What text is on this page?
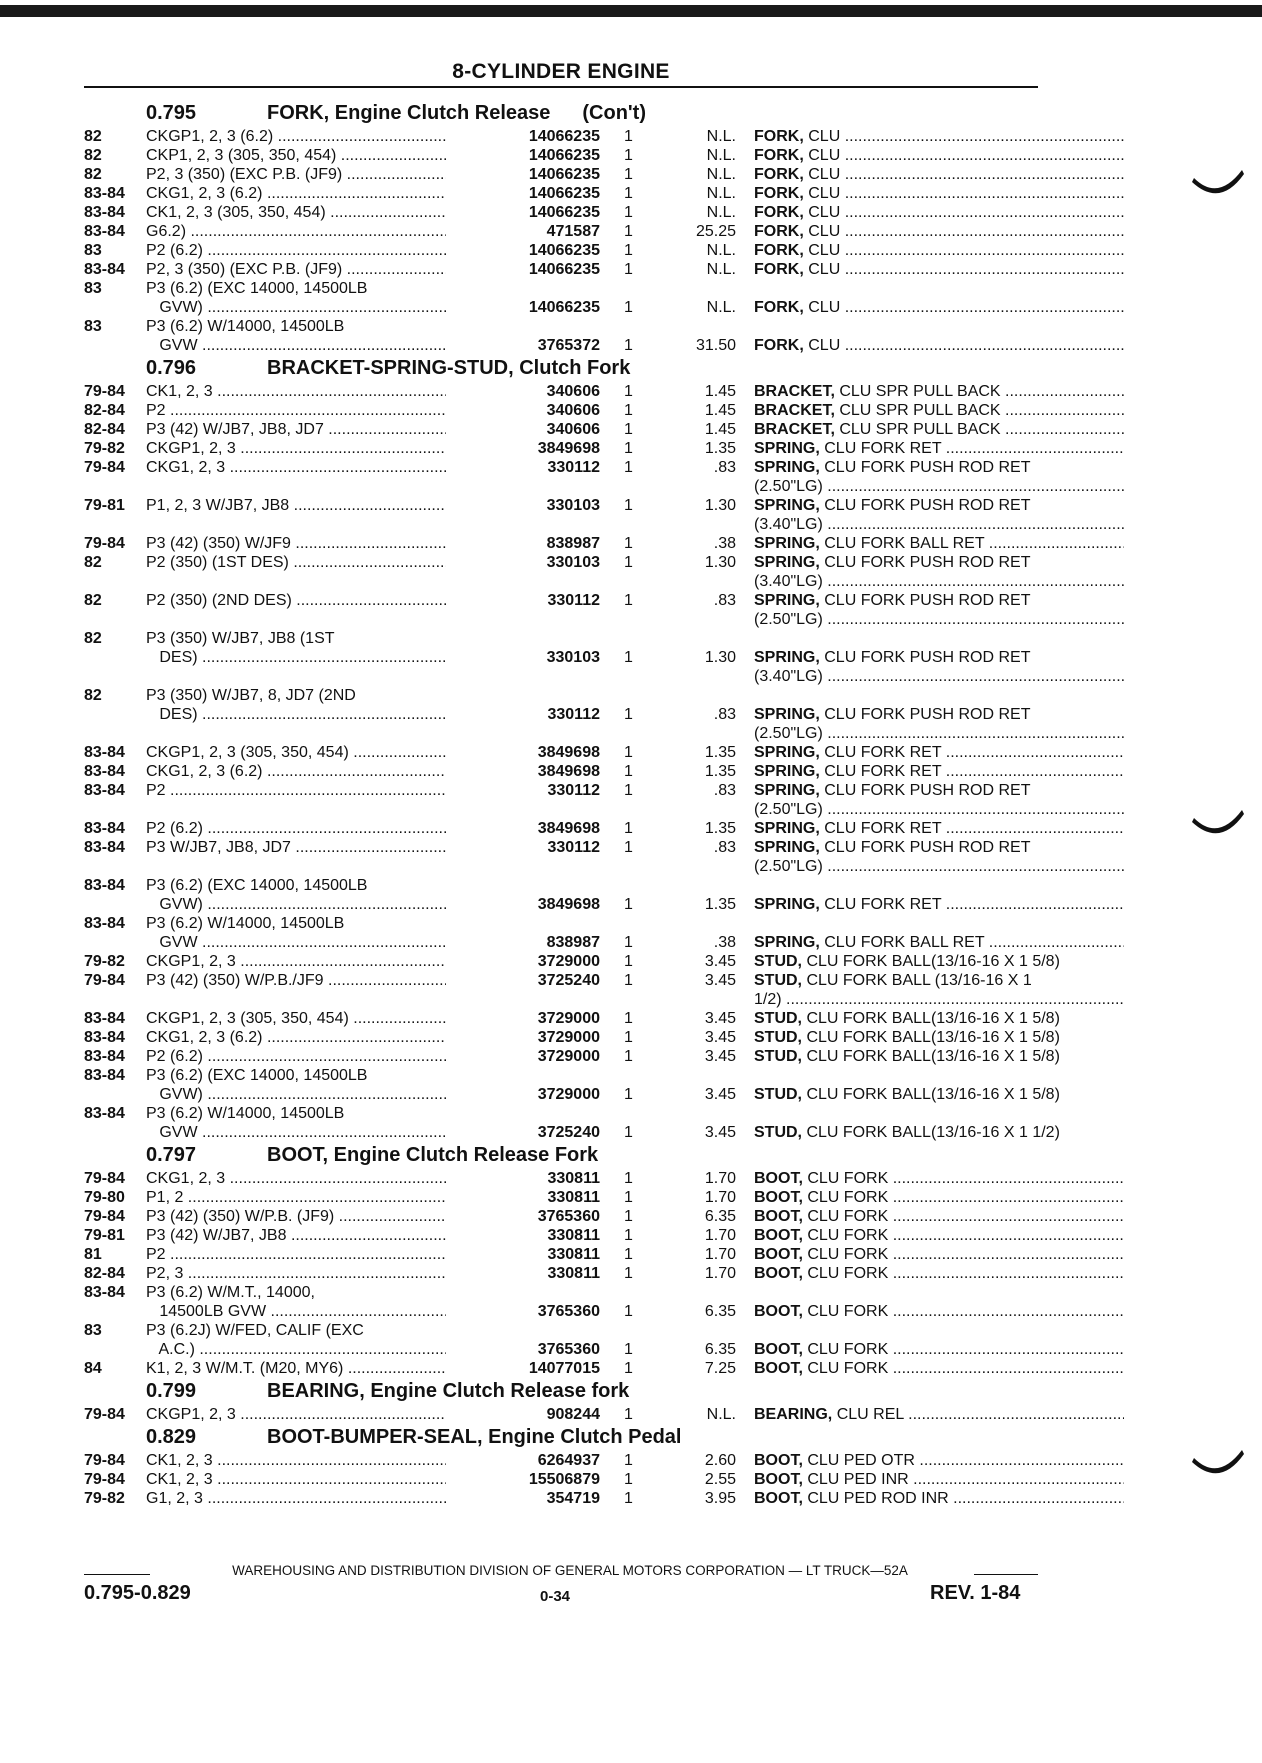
8-CYLINDER ENGINE
0.795	FORK, Engine Clutch Release (Con't)
82	CKGP1, 2, 3 (6.2) .....	14066235 1	N.L. FORK, CLU .....
82	CKP1, 2, 3 (305, 350, 454) .....	14066235 1	N.L. FORK, CLU .....
82	P2, 3 (350) (EXC P.B. (JF9) .....	14066235 1	N.L. FORK, CLU .....
83-84	CKG1, 2, 3 (6.2) .....	14066235 1	N.L. FORK, CLU .....
83-84	CK1, 2, 3 (305, 350, 454) .....	14066235 1	N.L. FORK, CLU .....
83-84	G6.2) .....	471587 1	25.25 FORK, CLU .....
83	P2 (6.2) .....	14066235 1	N.L. FORK, CLU .....
83-84	P2, 3 (350) (EXC P.B. (JF9) .....	14066235 1	N.L. FORK, CLU .....
83	P3 (6.2) (EXC 14000, 14500LB
GVW) .....	14066235 1	N.L. FORK, CLU .....
83	P3 (6.2) W/14000, 14500LB
GVW .....	3765372 1	31.50 FORK, CLU .....
0.796	BRACKET-SPRING-STUD, Clutch Fork
79-84	CK1, 2, 3 .....	340606 1	1.45 BRACKET, CLU SPR PULL BACK .....
82-84	P2 .....	340606 1	1.45 BRACKET, CLU SPR PULL BACK .....
82-84	P3 (42) W/JB7, JB8, JD7 .....	340606 1	1.45 BRACKET, CLU SPR PULL BACK .....
79-82	CKGP1, 2, 3 .....	3849698 1	1.35 SPRING, CLU FORK RET .....
79-84	CKG1, 2, 3 .....	330112 1	.83 SPRING, CLU FORK PUSH ROD RET
(2.50"LG) .....
79-81	P1, 2, 3 W/JB7, JB8 .....	330103 1	1.30 SPRING, CLU FORK PUSH ROD RET
(3.40"LG) .....
79-84	P3 (42) (350) W/JF9 .....	838987 1	.38 SPRING, CLU FORK BALL RET .....
82	P2 (350) (1ST DES) .....	330103 1	1.30 SPRING, CLU FORK PUSH ROD RET
(3.40"LG) .....
82	P2 (350) (2ND DES) .....	330112 1	.83 SPRING, CLU FORK PUSH ROD RET
(2.50"LG) .....
82	P3 (350) W/JB7, JB8 (1ST
DES) .....	330103 1	1.30 SPRING, CLU FORK PUSH ROD RET
(3.40"LG) .....
82	P3 (350) W/JB7, 8, JD7 (2ND
DES) .....	330112 1	.83 SPRING, CLU FORK PUSH ROD RET
(2.50"LG) .....
83-84	CKGP1, 2, 3 (305, 350, 454) .....	3849698 1	1.35 SPRING, CLU FORK RET .....
83-84	CKG1, 2, 3 (6.2) .....	3849698 1	1.35 SPRING, CLU FORK RET .....
83-84	P2 .....	330112 1	.83 SPRING, CLU FORK PUSH ROD RET
(2.50"LG) .....
83-84	P2 (6.2) .....	3849698 1	1.35 SPRING, CLU FORK RET .....
83-84	P3 W/JB7, JB8, JD7 .....	330112 1	.83 SPRING, CLU FORK PUSH ROD RET
(2.50"LG) .....
83-84	P3 (6.2) (EXC 14000, 14500LB
GVW) .....	3849698 1	1.35 SPRING, CLU FORK RET .....
83-84	P3 (6.2) W/14000, 14500LB
GVW .....	838987 1	.38 SPRING, CLU FORK BALL RET .....
79-82	CKGP1, 2, 3 .....	3729000 1	3.45 STUD, CLU FORK BALL(13/16-16 X 1 5/8)
79-84	P3 (42) (350) W/P.B./JF9 .....	3725240 1	3.45 STUD, CLU FORK BALL (13/16-16 X 1
1/2) .....
83-84	CKGP1, 2, 3 (305, 350, 454) .....	3729000 1	3.45 STUD, CLU FORK BALL(13/16-16 X 1 5/8)
83-84	CKG1, 2, 3 (6.2) .....	3729000 1	3.45 STUD, CLU FORK BALL(13/16-16 X 1 5/8)
83-84	P2 (6.2) .....	3729000 1	3.45 STUD, CLU FORK BALL(13/16-16 X 1 5/8)
83-84	P3 (6.2) (EXC 14000, 14500LB
GVW) .....	3729000 1	3.45 STUD, CLU FORK BALL(13/16-16 X 1 5/8)
83-84	P3 (6.2) W/14000, 14500LB
GVW .....	3725240 1	3.45 STUD, CLU FORK BALL(13/16-16 X 1 1/2)
0.797	BOOT, Engine Clutch Release Fork
79-84	CKG1, 2, 3 .....	330811 1	1.70 BOOT, CLU FORK .....
79-80	P1, 2 .....	330811 1	1.70 BOOT, CLU FORK .....
79-84	P3 (42) (350) W/P.B. (JF9) .....	3765360 1	6.35 BOOT, CLU FORK .....
79-81	P3 (42) W/JB7, JB8 .....	330811 1	1.70 BOOT, CLU FORK .....
81	P2 .....	330811 1	1.70 BOOT, CLU FORK .....
82-84	P2, 3 .....	330811 1	1.70 BOOT, CLU FORK .....
83-84	P3 (6.2) W/M.T., 14000,
14500LB GVW .....	3765360 1	6.35 BOOT, CLU FORK .....
83	P3 (6.2J) W/FED, CALIF (EXC
A.C.) .....	3765360 1	6.35 BOOT, CLU FORK .....
84	K1, 2, 3 W/M.T. (M20, MY6) .....	14077015 1	7.25 BOOT, CLU FORK .....
0.799	BEARING, Engine Clutch Release fork
79-84	CKGP1, 2, 3 .....	908244 1	N.L. BEARING, CLU REL .....
0.829	BOOT-BUMPER-SEAL, Engine Clutch Pedal
79-84	CK1, 2, 3 .....	6264937 1	2.60 BOOT, CLU PED OTR .....
79-84	CK1, 2, 3 .....	15506879 1	2.55 BOOT, CLU PED INR .....
79-82	G1, 2, 3 .....	354719 1	3.95 BOOT, CLU PED ROD INR .....
WAREHOUSING AND DISTRIBUTION DIVISION OF GENERAL MOTORS CORPORATION — LT TRUCK—52A
0.795-0.829	0-34	REV. 1-84
